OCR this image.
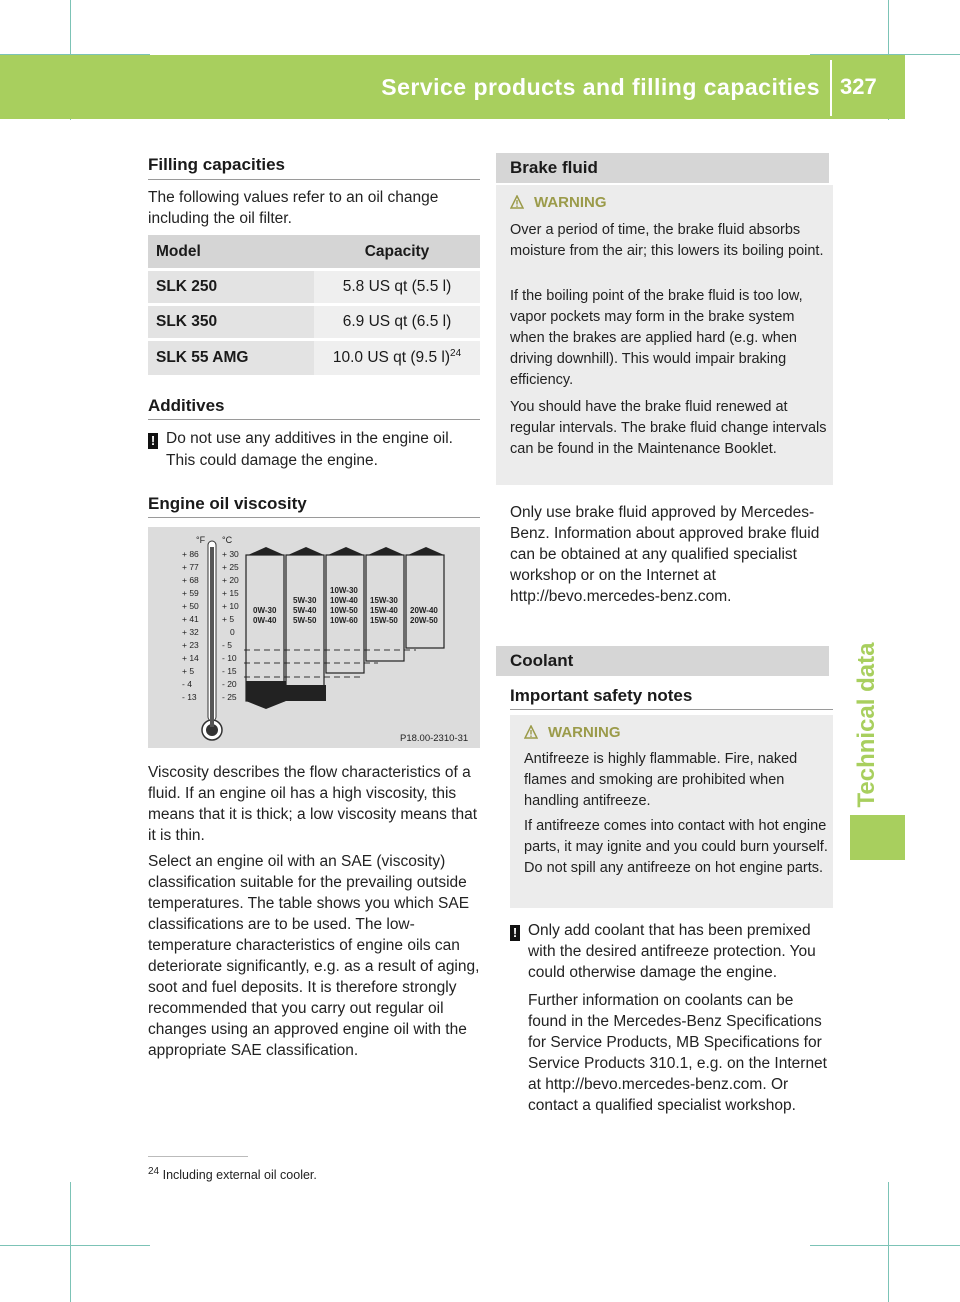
Service products and filling capacities 327
Technical data
Filling capacities
The following values refer to an oil change including the oil filter.
Model	Capacity
SLK 250	5.8 US qt (5.5 l)
SLK 350	6.9 US qt (6.5 l)
SLK 55 AMG	10.0 US qt (9.5 l)$^{24}$
Additives
! Do not use any additives in the engine oil.
This could damage the engine.
Engine oil viscosity
°F °C
+ 86
+ 77
+ 68
+ 59
+ 50
+ 41
+ 32
+ 23
+ 14
+ 5
- 4
- 13
+ 30
+ 25
+ 20
+ 15
+ 10
+ 5
0
- 5
- 10
- 15
- 20
- 25
0W-30
0W-40
5W-30
5W-40
5W-50
10W-30
10W-40
10W-50
10W-60
15W-30
15W-40
15W-50
20W-40
20W-50
P18.00-2310-31
Viscosity describes the flow characteristics of a fluid. If an engine oil has a high viscosity, this means that it is thick; a low viscosity means that it is thin.
Select an engine oil with an SAE (viscosity) classification suitable for the prevailing outside temperatures. The table shows you which SAE classifications are to be used. The low-temperature characteristics of engine oils can deteriorate significantly, e.g. as a result of aging, soot and fuel deposits. It is therefore strongly recommended that you carry out regular oil changes using an approved engine oil with the appropriate SAE classification.
Brake fluid
WARNING
Over a period of time, the brake fluid absorbs moisture from the air; this lowers its boiling point.
If the boiling point of the brake fluid is too low, vapor pockets may form in the brake system when the brakes are applied hard (e.g. when driving downhill). This would impair braking efficiency.
You should have the brake fluid renewed at regular intervals. The brake fluid change intervals can be found in the Maintenance Booklet.
Only use brake fluid approved by Mercedes-Benz. Information about approved brake fluid can be obtained at any qualified specialist workshop or on the Internet at http://bevo.mercedes-benz.com.
Coolant
Important safety notes
WARNING
Antifreeze is highly flammable. Fire, naked flames and smoking are prohibited when handling antifreeze.
If antifreeze comes into contact with hot engine parts, it may ignite and you could burn yourself. Do not spill any antifreeze on hot engine parts.
! Only add coolant that has been premixed with the desired antifreeze protection. You could otherwise damage the engine.
Further information on coolants can be found in the Mercedes-Benz Specifications for Service Products, MB Specifications for Service Products 310.1, e.g. on the Internet at http://bevo.mercedes-benz.com. Or contact a qualified specialist workshop.
$^{24}$ Including external oil cooler.
